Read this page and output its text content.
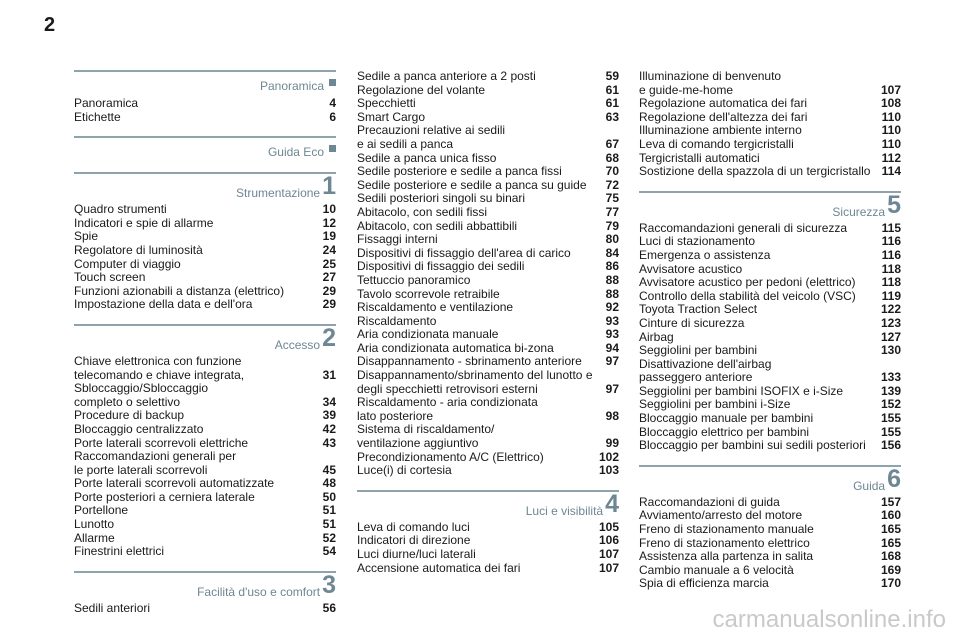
2
Panoramica
Panoramica	4
Etichette	6
Guida Eco
Strumentazione1
Quadro strumenti	10
Indicatori e spie di allarme	12
Spie	19
Regolatore di luminosità	24
Computer di viaggio	25
Touch screen	27
Funzioni azionabili a distanza (elettrico)	29
Impostazione della data e dell'ora	29
Accesso2
Chiave elettronica con funzione
telecomando e chiave integrata,	31
Sbloccaggio/Sbloccaggio
completo o selettivo	34
Procedure di backup	39
Bloccaggio centralizzato	42
Porte laterali scorrevoli elettriche	43
Raccomandazioni generali per
le porte laterali scorrevoli	45
Porte laterali scorrevoli automatizzate	48
Porte posteriori a cerniera laterale	50
Portellone	51
Lunotto	51
Allarme	52
Finestrini elettrici	54
Facilità d'uso e comfort3
Sedili anteriori	56
Sedile a panca anteriore a 2 posti	59
Regolazione del volante	61
Specchietti	61
Smart Cargo	63
Precauzioni relative ai sedili
e ai sedili a panca	67
Sedile a panca unica fisso	68
Sedile posteriore e sedile a panca fissi	70
Sedile posteriore e sedile a panca su guide	72
Sedili posteriori singoli su binari	75
Abitacolo, con sedili fissi	77
Abitacolo, con sedili abbattibili	79
Fissaggi interni	80
Dispositivi di fissaggio dell'area di carico	84
Dispositivi di fissaggio dei sedili	86
Tettuccio panoramico	88
Tavolo scorrevole retraibile	88
Riscaldamento e ventilazione	92
Riscaldamento	93
Aria condizionata manuale	93
Aria condizionata automatica bi-zona	94
Disappannamento - sbrinamento anteriore	97
Disappannamento/sbrinamento del lunotto e
degli specchietti retrovisori esterni	97
Riscaldamento - aria condizionata
lato posteriore	98
Sistema di riscaldamento/
ventilazione aggiuntivo	99
Precondizionamento A/C (Elettrico)	102
Luce(i) di cortesia	103
Luci e visibilità4
Leva di comando luci	105
Indicatori di direzione	106
Luci diurne/luci laterali	107
Accensione automatica dei fari	107
Illuminazione di benvenuto
e guide-me-home	107
Regolazione automatica dei fari	108
Regolazione dell'altezza dei fari	110
Illuminazione ambiente interno	110
Leva di comando tergicristalli	110
Tergicristalli automatici	112
Sostizione della spazzola di un tergicristallo 114
Sicurezza5
Raccomandazioni generali di sicurezza	115
Luci di stazionamento	116
Emergenza o assistenza	116
Avvisatore acustico	118
Avvisatore acustico per pedoni (elettrico)	118
Controllo della stabilità del veicolo (VSC)	119
Toyota Traction Select	122
Cinture di sicurezza	123
Airbag	127
Seggiolini per bambini	130
Disattivazione dell'airbag
passeggero anteriore	133
Seggiolini per bambini ISOFIX e i-Size	139
Seggiolini per bambini i-Size	152
Bloccaggio manuale per bambini	155
Bloccaggio elettrico per bambini	155
Bloccaggio per bambini sui sedili posteriori	156
Guida6
Raccomandazioni di guida	157
Avviamento/arresto del motore	160
Freno di stazionamento manuale	165
Freno di stazionamento elettrico	165
Assistenza alla partenza in salita	168
Cambio manuale a 6 velocità	169
Spia di efficienza marcia	170
carmanualsonline.info
